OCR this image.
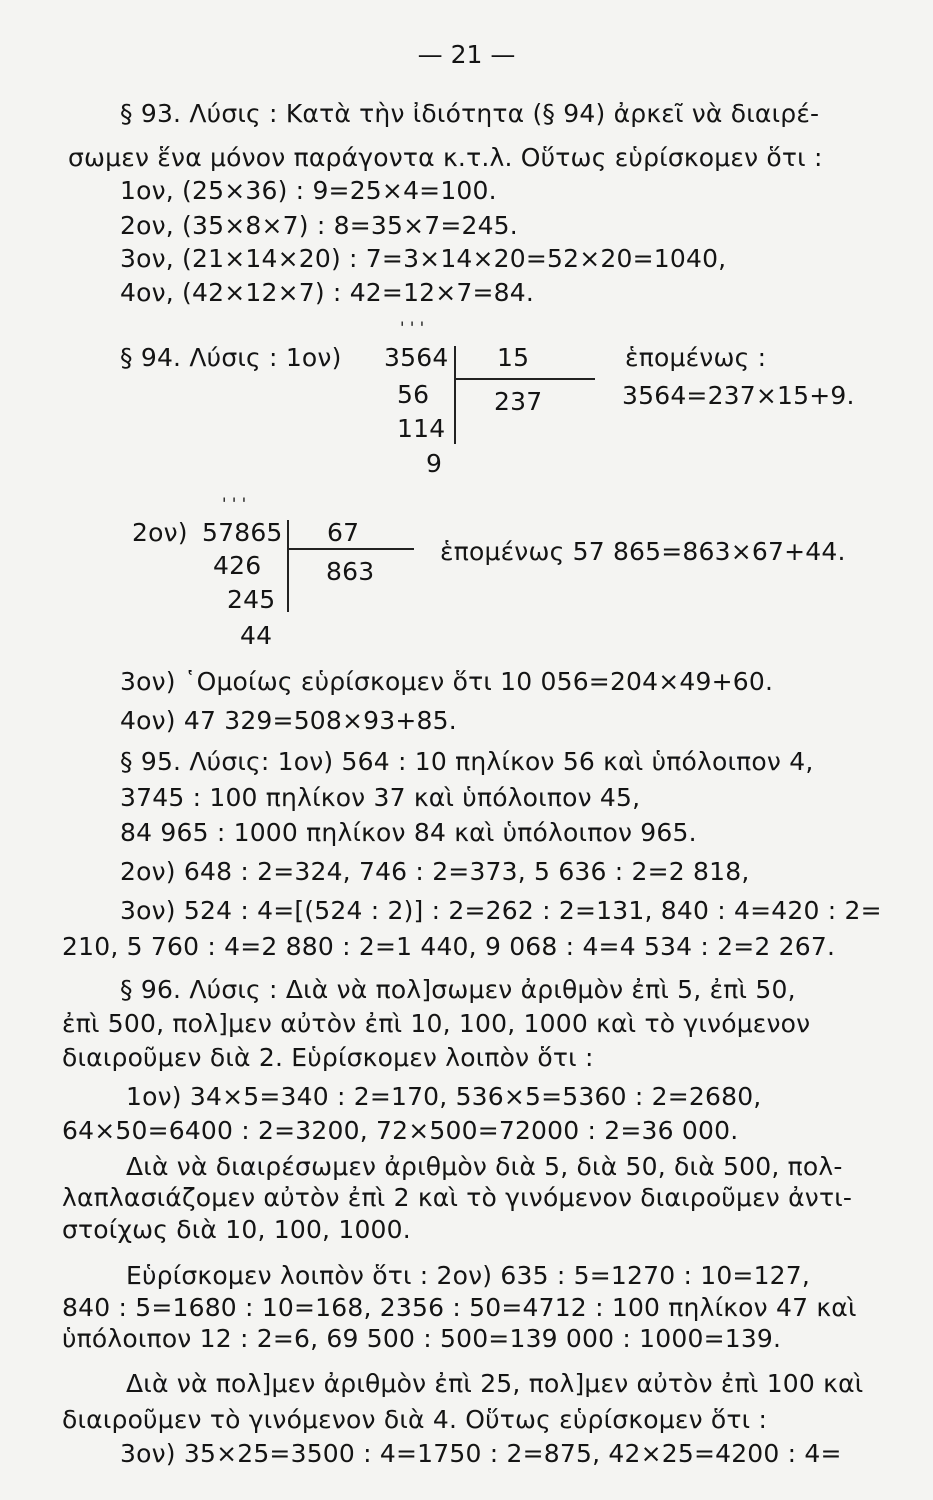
— 21 —
§ 93. Λύσις : Κατὰ τὴν ἰδιότητα (§ 94) ἀρκεῖ νὰ διαιρέ-
σωμεν ἕνα μόνον παράγοντα κ.τ.λ. Οὕτως εὑρίσκομεν ὅτι :
1ον, (25×36) : 9=25×4=100.
2ον, (35×8×7) : 8=35×7=245.
3ον, (21×14×20) : 7=3×14×20=52×20=1040,
4ον, (42×12×7) : 42=12×7=84.
§ 94. Λύσις : 1ον)
' ' '
3564
56
114
9
15
237
ἑπομένως :
3564=237×15+9.
2ον)
' ' '
57865
426
245
44
67
863
ἑπομένως 57 865=863×67+44.
3ον) ῾Ομοίως εὑρίσκομεν ὅτι 10 056=204×49+60.
4ον) 47 329=508×93+85.
§ 95. Λύσις: 1ον) 564 : 10 πηλίκον 56 καὶ ὑπόλοιπον 4,
3745 : 100 πηλίκον 37 καὶ ὑπόλοιπον 45,
84 965 : 1000 πηλίκον 84 καὶ ὑπόλοιπον 965.
2ον) 648 : 2=324, 746 : 2=373, 5 636 : 2=2 818,
3ον) 524 : 4=[(524 : 2)] : 2=262 : 2=131, 840 : 4=420 : 2=
210, 5 760 : 4=2 880 : 2=1 440, 9 068 : 4=4 534 : 2=2 267.
§ 96. Λύσις : Διὰ νὰ πολ]σωμεν ἀριθμὸν ἐπὶ 5, ἐπὶ 50,
ἐπὶ 500, πολ]μεν αὐτὸν ἐπὶ 10, 100, 1000 καὶ τὸ γινόμενον
διαιροῦμεν διὰ 2. Εὑρίσκομεν λοιπὸν ὅτι :
1ον) 34×5=340 : 2=170, 536×5=5360 : 2=2680,
64×50=6400 : 2=3200, 72×500=72000 : 2=36 000.
Διὰ νὰ διαιρέσωμεν ἀριθμὸν διὰ 5, διὰ 50, διὰ 500, πολ-
λαπλασιάζομεν αὐτὸν ἐπὶ 2 καὶ τὸ γινόμενον διαιροῦμεν ἀντι-
στοίχως διὰ 10, 100, 1000.
Εὑρίσκομεν λοιπὸν ὅτι : 2ον) 635 : 5=1270 : 10=127,
840 : 5=1680 : 10=168, 2356 : 50=4712 : 100 πηλίκον 47 καὶ
ὑπόλοιπον 12 : 2=6, 69 500 : 500=139 000 : 1000=139.
Διὰ νὰ πολ]μεν ἀριθμὸν ἐπὶ 25, πολ]μεν αὐτὸν ἐπὶ 100 καὶ
διαιροῦμεν τὸ γινόμενον διὰ 4. Οὕτως εὑρίσκομεν ὅτι :
3ον) 35×25=3500 : 4=1750 : 2=875, 42×25=4200 : 4=
